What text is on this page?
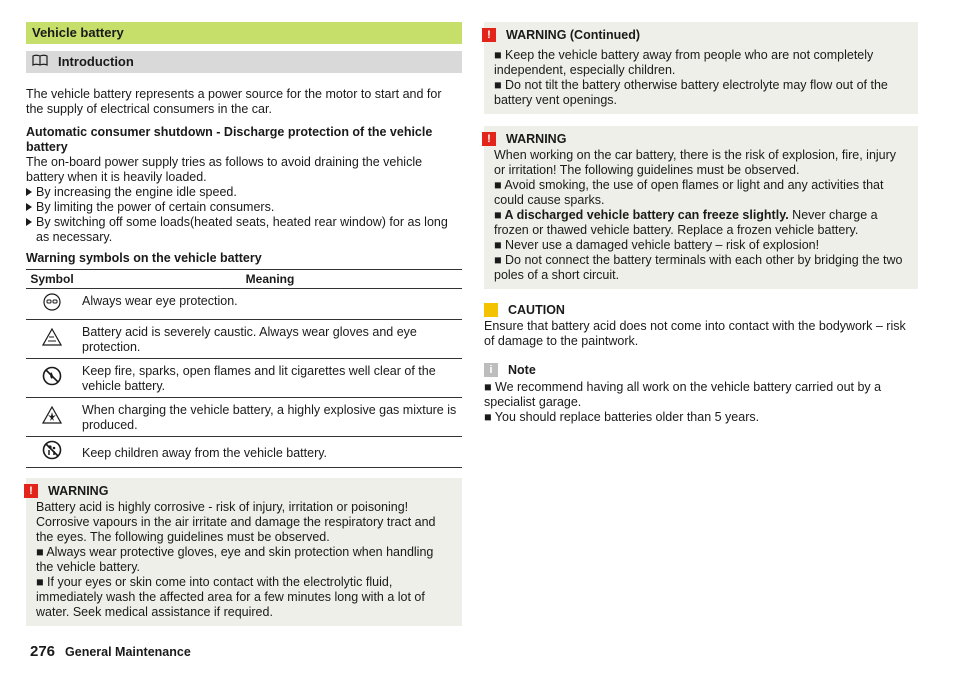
Vehicle battery
Introduction

The vehicle battery represents a power source for the motor to start and for the supply of electrical consumers in the car.

Automatic consumer shutdown - Discharge protection of the vehicle battery

The on-board power supply tries as follows to avoid draining the vehicle battery when it is heavily loaded.

By increasing the engine idle speed.
By limiting the power of certain consumers.
By switching off some loads(heated seats, heated rear window) for as long as necessary.

Warning symbols on the vehicle battery

Symbol	Meaning
	Always wear eye protection.
	Battery acid is severely caustic. Always wear gloves and eye protection.
	Keep fire, sparks, open flames and lit cigarettes well clear of the vehicle battery.
	When charging the vehicle battery, a highly explosive gas mixture is produced.
	Keep children away from the vehicle battery.
!	WARNING

Battery acid is highly corrosive - risk of injury, irritation or poisoning! Corrosive vapours in the air irritate and damage the respiratory tract and the eyes. The following guidelines must be observed.

■ Always wear protective gloves, eye and skin protection when handling the vehicle battery.

■ If your eyes or skin come into contact with the electrolytic fluid, immediately wash the affected area for a few minutes long with a lot of water. Seek medical assistance if required.

!	WARNING (Continued)

■ Keep the vehicle battery away from people who are not completely independent, especially children.

■ Do not tilt the battery otherwise battery electrolyte may flow out of the battery vent openings.

!	WARNING

When working on the car battery, there is the risk of explosion, fire, injury or irritation! The following guidelines must be observed.

■ Avoid smoking, the use of open flames or light and any activities that could cause sparks.

■ A discharged vehicle battery can freeze slightly. Never charge a frozen or thawed vehicle battery. Replace a frozen vehicle battery.

■ Never use a damaged vehicle battery – risk of explosion!

■ Do not connect the battery terminals with each other by bridging the two poles of a short circuit.

CAUTION

Ensure that battery acid does not come into contact with the bodywork – risk of damage to the paintwork.

i	Note

■ We recommend having all work on the vehicle battery carried out by a specialist garage.

■ You should replace batteries older than 5 years.

276 General Maintenance
